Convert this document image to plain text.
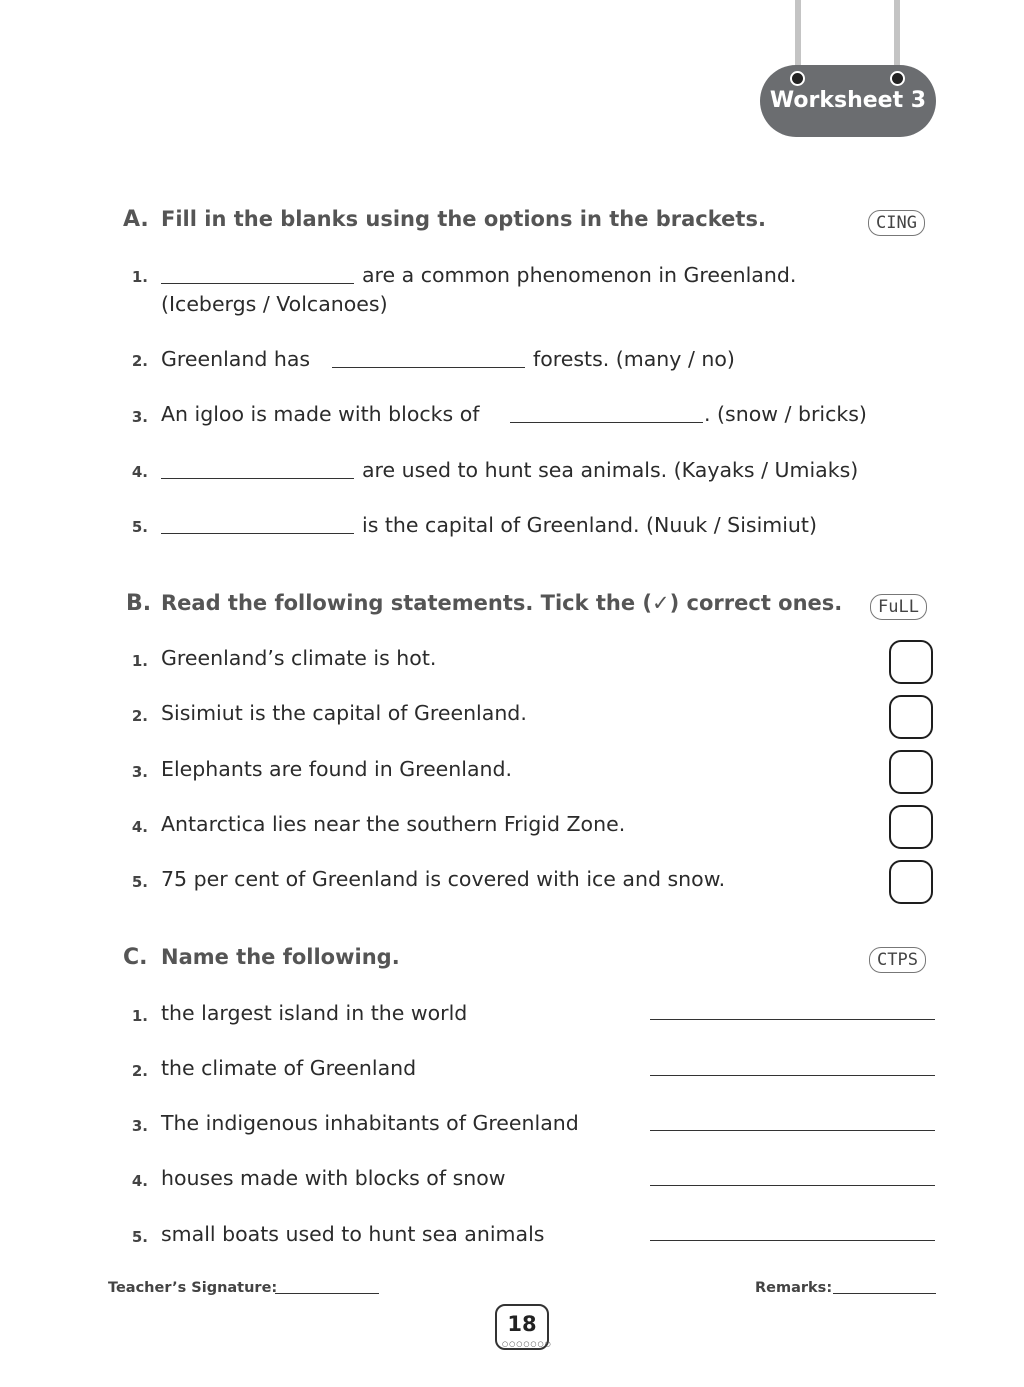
Worksheet 3
A. Fill in the blanks using the options in the brackets.	CING
1.	are a common phenomenon in Greenland.
(Icebergs / Volcanoes)
2. Greenland has	forests. (many / no)
3. An igloo is made with blocks of	. (snow / bricks)
4.	are used to hunt sea animals. (Kayaks / Umiaks)
5.	is the capital of Greenland. (Nuuk / Sisimiut)
B. Read the following statements. Tick the (✓) correct ones.	FuLL
1. Greenland’s climate is hot.
2. Sisimiut is the capital of Greenland.
3. Elephants are found in Greenland.
4. Antarctica lies near the southern Frigid Zone.
5. 75 per cent of Greenland is covered with ice and snow.
C. Name the following.	CTPS
1. the largest island in the world
2. the climate of Greenland
3. The indigenous inhabitants of Greenland
4. houses made with blocks of snow
5. small boats used to hunt sea animals
Teacher’s Signature:	Remarks:
18
○○○○○○○
